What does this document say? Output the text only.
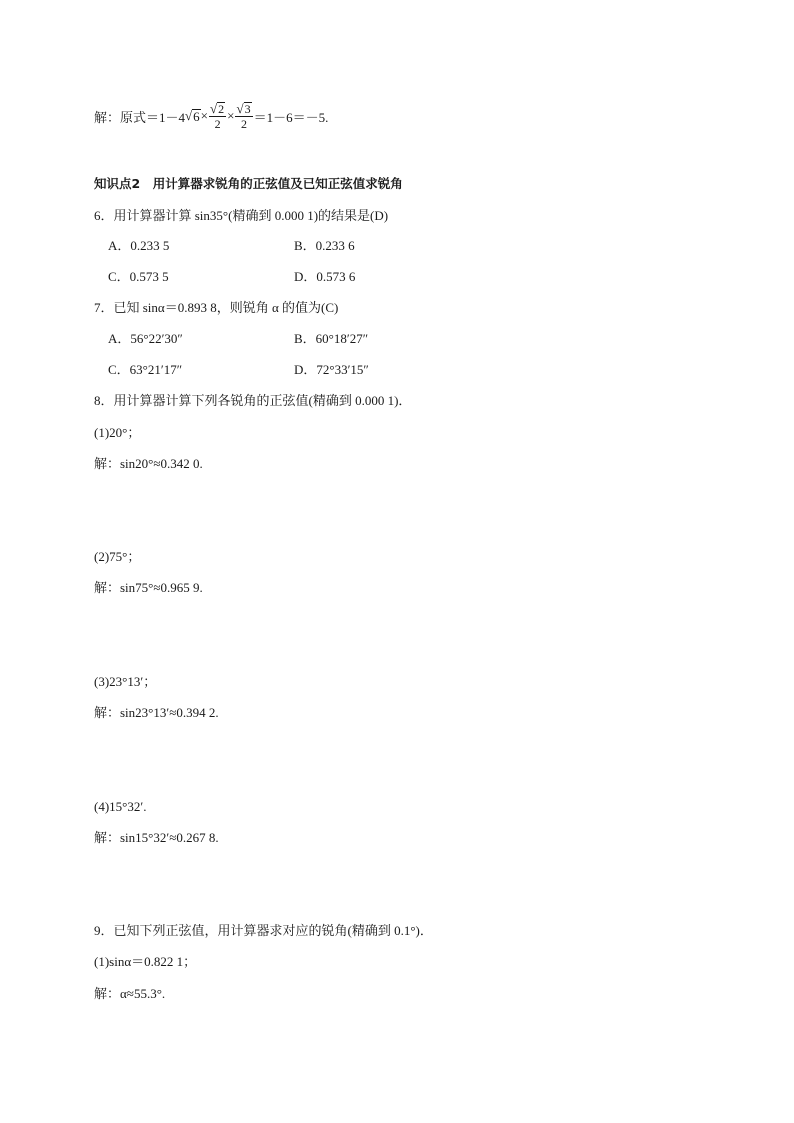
解：原式＝1－4 √ $6 \times \frac{√ 2}{2} \times \frac{√ 3}{2} =1-6=-5$.
知识点2　用计算器求锐角的正弦值及已知正弦值求锐角
6．用计算器计算 sin35°(精确到 0.000 1)的结果是(D)
A．0.233 5	B．0.233 6
C．0.573 5	D．0.573 6
7．已知 sinα＝0.893 8，则锐角 α 的值为(C)
A．56°22′30″	B．60°18′27″
C．63°21′17″	D．72°33′15″
8．用计算器计算下列各锐角的正弦值(精确到 0.000 1)．
(1)20°；
解：sin20°≈0.342 0.
(2)75°；
解：sin75°≈0.965 9.
(3)23°13′；
解：sin23°13′≈0.394 2.
(4)15°32′.
解：sin15°32′≈0.267 8.
9．已知下列正弦值，用计算器求对应的锐角(精确到 0.1°)．
(1)sinα＝0.822 1；
解：α≈55.3°.
